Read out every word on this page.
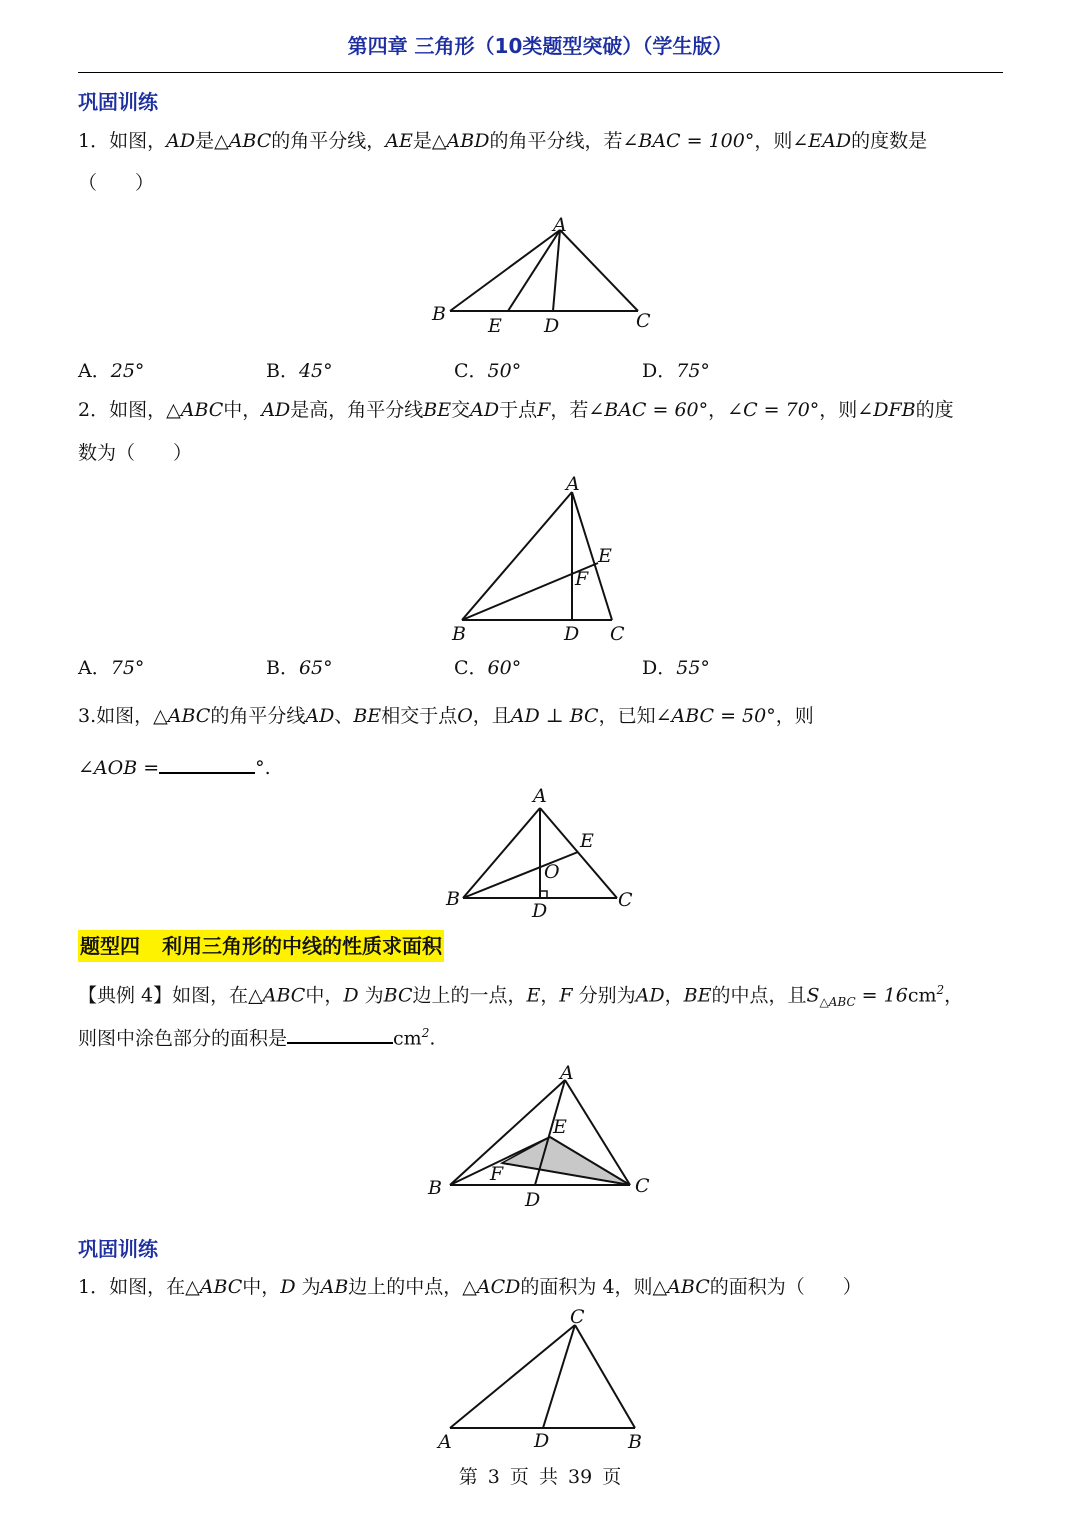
第四章 三角形（10类题型突破）（学生版）
巩固训练
1．如图，AD是△ABC的角平分线，AE是△ABD的角平分线，若∠BAC = 100°，则∠EAD的度数是
（　　）
A
B
E D	C
A．25°	B．45°	C．50°	D．75°
2．如图，△ABC中，AD是高，角平分线BE交AD于点F，若∠BAC = 60°，∠C = 70°，则∠DFB的度
数为（　　）
A
E
F
B	D C
A．75°	B．65°	C．60°	D．55°
3.如图，△ABC的角平分线AD、BE相交于点O，且AD ⊥ BC，已知∠ABC = 50°，则
∠AOB =	°.
A
E
O
B
D	C
题型四 利用三角形的中线的性质求面积
【典例 4】如图，在△ABC中，D 为BC边上的一点，E，F 分别为AD，BE的中点，且$S_{\triangle ABC} = 16cm^2$，
则图中涂色部分的面积是	$cm^2$.
A
E
F
B
D
C
巩固训练
1．如图，在△ABC中，D 为AB边上的中点，△ACD的面积为 4，则△ABC的面积为（　　）
C
A	D	B
第 3 页 共 39 页
